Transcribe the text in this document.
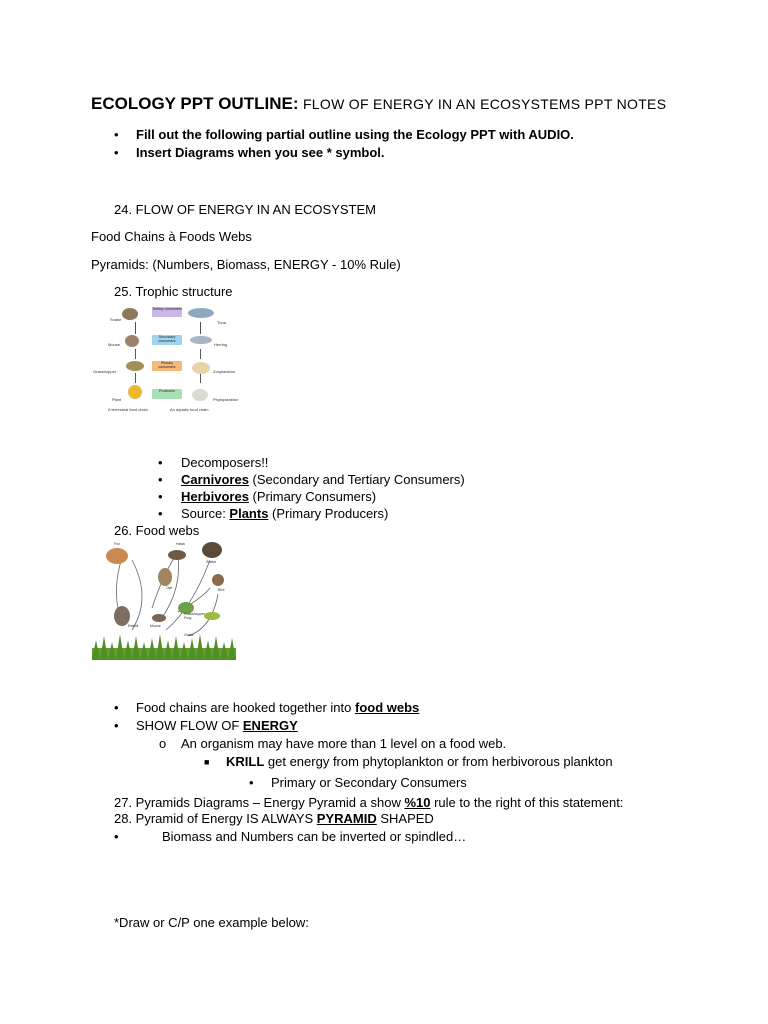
ECOLOGY PPT OUTLINE: FLOW OF ENERGY IN AN ECOSYSTEMS PPT NOTES
• Fill out the following partial outline using the Ecology PPT with AUDIO.
• Insert Diagrams when you see * symbol.
24. FLOW OF ENERGY IN AN ECOSYSTEM
Food Chains à Foods Webs
Pyramids: (Numbers, Biomass, ENERGY - 10% Rule)
25. Trophic structure
Snake
Mouse
Grasshopper
Plant
Tertiary consumers
Secondary consumers
Primary consumers
Producers
Tuna
Herring
Zooplankton
Phytoplankton
A terrestrial food chain	An aquatic food chain
• Decomposers!!
• Carnivores (Secondary and Tertiary Consumers)
• Herbivores (Primary Consumers)
• Source: Plants (Primary Producers)
26. Food webs
Fox	Hawk
Snake
Owl
Rabbit
Frog
Bird
Mouse
Grasshopper
Grass
• Food chains are hooked together into food webs
• SHOW FLOW OF ENERGY
o An organism may have more than 1 level on a food web.
■ KRILL get energy from phytoplankton or from herbivorous plankton
• Primary or Secondary Consumers
27. Pyramids Diagrams – Energy Pyramid a show %10 rule to the right of this statement:
28. Pyramid of Energy IS ALWAYS PYRAMID SHAPED
•	Biomass and Numbers can be inverted or spindled…
*Draw or C/P one example below:
